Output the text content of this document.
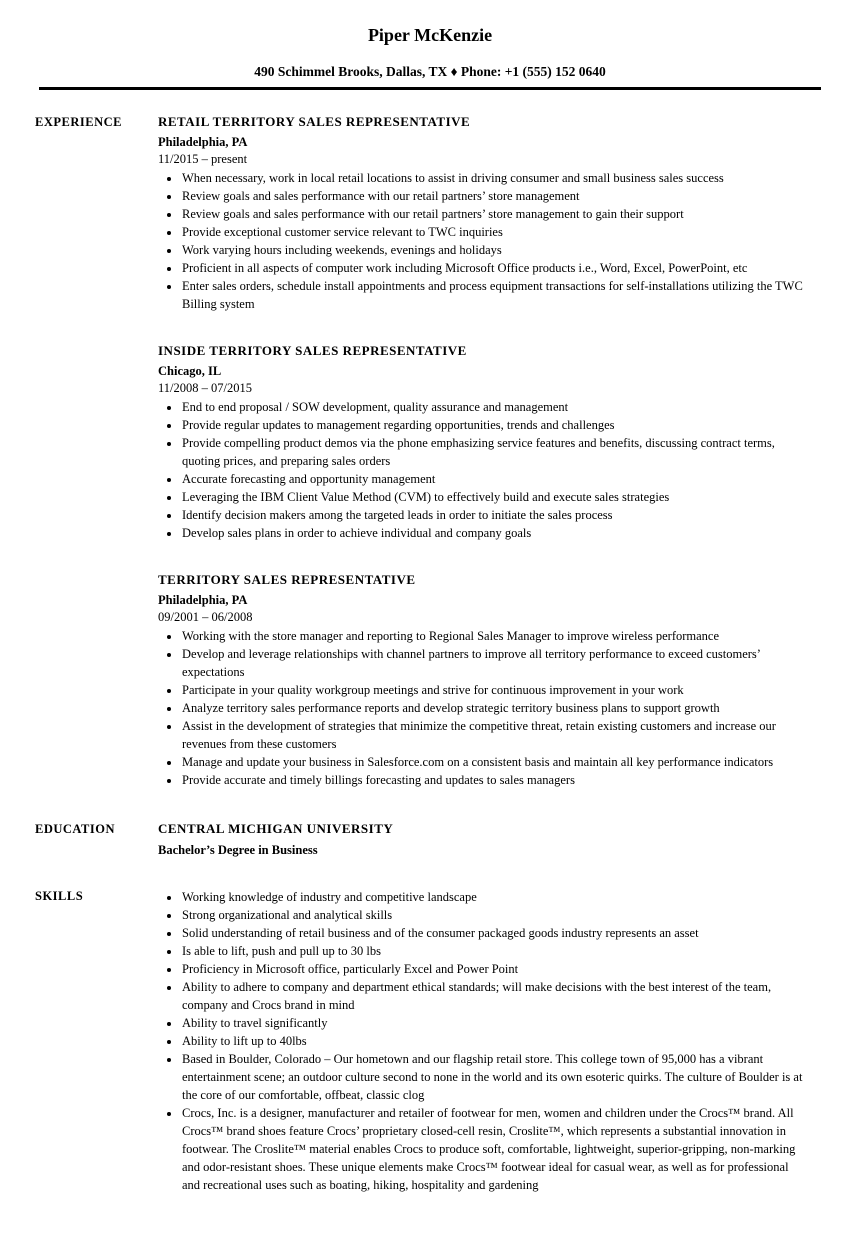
Piper McKenzie
490 Schimmel Brooks, Dallas, TX ♦ Phone: +1 (555) 152 0640
EXPERIENCE	RETAIL TERRITORY SALES REPRESENTATIVE
Philadelphia, PA
11/2015 – present
• When necessary, work in local retail locations to assist in driving consumer and small business sales success
• Review goals and sales performance with our retail partners’ store management
• Review goals and sales performance with our retail partners’ store management to gain their support
• Provide exceptional customer service relevant to TWC inquiries
• Work varying hours including weekends, evenings and holidays
• Proficient in all aspects of computer work including Microsoft Office products i.e., Word, Excel, PowerPoint, etc
• Enter sales orders, schedule install appointments and process equipment transactions for self-installations utilizing the TWC Billing system
INSIDE TERRITORY SALES REPRESENTATIVE
Chicago, IL
11/2008 – 07/2015
• End to end proposal / SOW development, quality assurance and management
• Provide regular updates to management regarding opportunities, trends and challenges
• Provide compelling product demos via the phone emphasizing service features and benefits, discussing contract terms, quoting prices, and preparing sales orders
• Accurate forecasting and opportunity management
• Leveraging the IBM Client Value Method (CVM) to effectively build and execute sales strategies
• Identify decision makers among the targeted leads in order to initiate the sales process
• Develop sales plans in order to achieve individual and company goals
TERRITORY SALES REPRESENTATIVE
Philadelphia, PA
09/2001 – 06/2008
• Working with the store manager and reporting to Regional Sales Manager to improve wireless performance
• Develop and leverage relationships with channel partners to improve all territory performance to exceed customers’ expectations
• Participate in your quality workgroup meetings and strive for continuous improvement in your work
• Analyze territory sales performance reports and develop strategic territory business plans to support growth
• Assist in the development of strategies that minimize the competitive threat, retain existing customers and increase our revenues from these customers
• Manage and update your business in Salesforce.com on a consistent basis and maintain all key performance indicators
• Provide accurate and timely billings forecasting and updates to sales managers
EDUCATION	CENTRAL MICHIGAN UNIVERSITY
Bachelor’s Degree in Business
SKILLS	• Working knowledge of industry and competitive landscape
• Strong organizational and analytical skills
• Solid understanding of retail business and of the consumer packaged goods industry represents an asset
• Is able to lift, push and pull up to 30 lbs
• Proficiency in Microsoft office, particularly Excel and Power Point
• Ability to adhere to company and department ethical standards; will make decisions with the best interest of the team, company and Crocs brand in mind
• Ability to travel significantly
• Ability to lift up to 40lbs
• Based in Boulder, Colorado – Our hometown and our flagship retail store. This college town of 95,000 has a vibrant entertainment scene; an outdoor culture second to none in the world and its own esoteric quirks. The culture of Boulder is at the core of our comfortable, offbeat, classic clog
• Crocs, Inc. is a designer, manufacturer and retailer of footwear for men, women and children under the Crocs™ brand. All Crocs™ brand shoes feature Crocs’ proprietary closed-cell resin, Croslite™, which represents a substantial innovation in footwear. The Croslite™ material enables Crocs to produce soft, comfortable, lightweight, superior-gripping, non-marking and odor-resistant shoes. These unique elements make Crocs™ footwear ideal for casual wear, as well as for professional and recreational uses such as boating, hiking, hospitality and gardening
